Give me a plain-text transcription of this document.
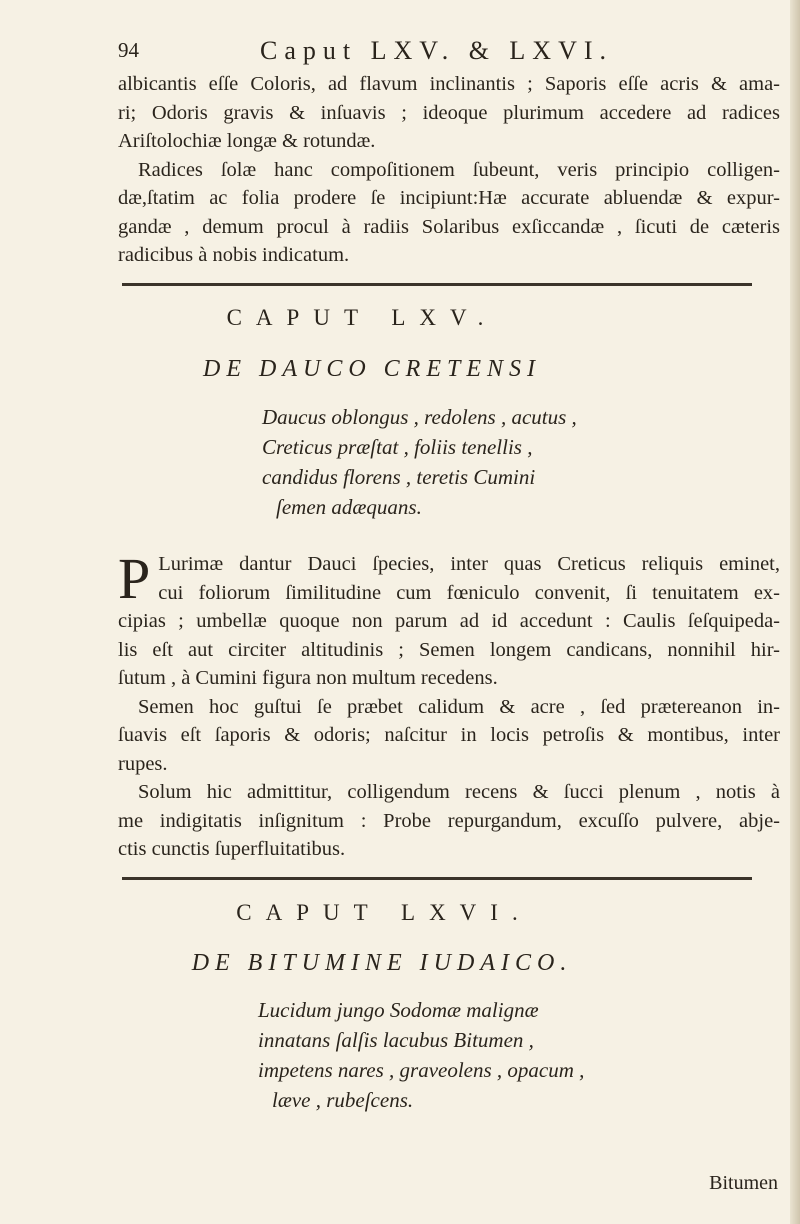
94	Caput LXV. & LXVI.
albicantis eſſe Coloris, ad flavum inclinantis ; Saporis eſſe acris & ama-
ri; Odoris gravis & inſuavis ; ideoque plurimum accedere ad radices
Ariſtolochiæ longæ & rotundæ.
Radices ſolæ hanc compoſitionem ſubeunt, veris principio colligen-
dæ,ſtatim ac folia prodere ſe incipiunt:Hæ accurate abluendæ & expur-
gandæ , demum procul à radiis Solaribus exſiccandæ , ſicuti de cæteris
radicibus à nobis indicatum.
CAPUT LXV.
DE DAUCO CRETENSI
Daucus oblongus , redolens , acutus ,
Creticus præſtat , foliis tenellis ,
candidus florens , teretis Cumini
ſemen adæquans.
P Lurimæ dantur Dauci ſpecies, inter quas Creticus reliquis eminet,
cui foliorum ſimilitudine cum fœniculo convenit, ſi tenuitatem ex-
cipias ; umbellæ quoque non parum ad id accedunt : Caulis ſeſquipeda-
lis eſt aut circiter altitudinis ; Semen longem candicans, nonnihil hir-
ſutum , à Cumini figura non multum recedens.
Semen hoc guſtui ſe præbet calidum & acre , ſed prætereanon in-
ſuavis eſt ſaporis & odoris; naſcitur in locis petroſis & montibus, inter
rupes.
Solum hic admittitur, colligendum recens & ſucci plenum , notis à
me indigitatis inſignitum : Probe repurgandum, excuſſo pulvere, abje-
ctis cunctis ſuperfluitatibus.
CAPUT LXVI.
DE BITUMINE IUDAICO.
Lucidum jungo Sodomæ malignæ
innatans ſalſis lacubus Bitumen ,
impetens nares , graveolens , opacum ,
læve , rubeſcens.
Bitumen
